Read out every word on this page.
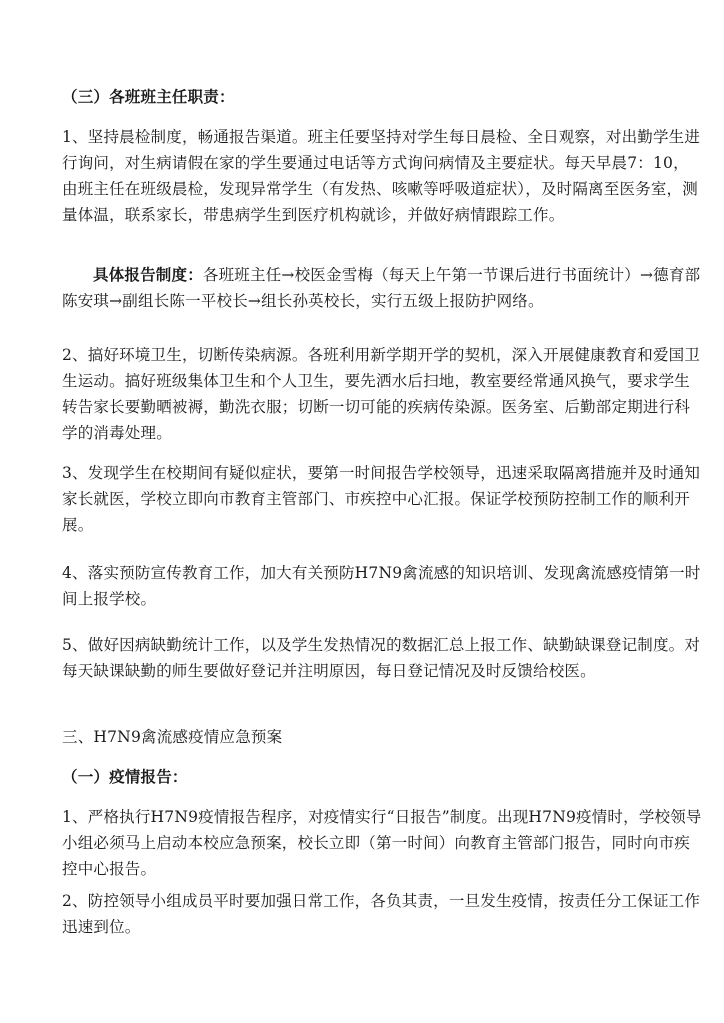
（三）各班班主任职责：

1、坚持晨检制度，畅通报告渠道。班主任要坚持对学生每日晨检、全日观察，对出勤学生进行询问，对生病请假在家的学生要通过电话等方式询问病情及主要症状。每天早晨7：10，由班主任在班级晨检，发现异常学生（有发热、咳嗽等呼吸道症状），及时隔离至医务室，测量体温，联系家长，带患病学生到医疗机构就诊，并做好病情跟踪工作。

具体报告制度：各班班主任→校医金雪梅（每天上午第一节课后进行书面统计）→德育部陈安琪→副组长陈一平校长→组长孙英校长，实行五级上报防护网络。

2、搞好环境卫生，切断传染病源。各班利用新学期开学的契机，深入开展健康教育和爱国卫生运动。搞好班级集体卫生和个人卫生，要先洒水后扫地，教室要经常通风换气，要求学生转告家长要勤晒被褥，勤洗衣服；切断一切可能的疾病传染源。医务室、后勤部定期进行科学的消毒处理。

3、发现学生在校期间有疑似症状，要第一时间报告学校领导，迅速采取隔离措施并及时通知家长就医，学校立即向市教育主管部门、市疾控中心汇报。保证学校预防控制工作的顺利开展。

4、落实预防宣传教育工作，加大有关预防H7N9禽流感的知识培训、发现禽流感疫情第一时间上报学校。

5、做好因病缺勤统计工作，以及学生发热情况的数据汇总上报工作、缺勤缺课登记制度。对每天缺课缺勤的师生要做好登记并注明原因，每日登记情况及时反馈给校医。

三、H7N9禽流感疫情应急预案

（一）疫情报告：

1、严格执行H7N9疫情报告程序，对疫情实行“日报告”制度。出现H7N9疫情时，学校领导小组必须马上启动本校应急预案，校长立即（第一时间）向教育主管部门报告，同时向市疾控中心报告。

2、防控领导小组成员平时要加强日常工作，各负其责，一旦发生疫情，按责任分工保证工作迅速到位。
